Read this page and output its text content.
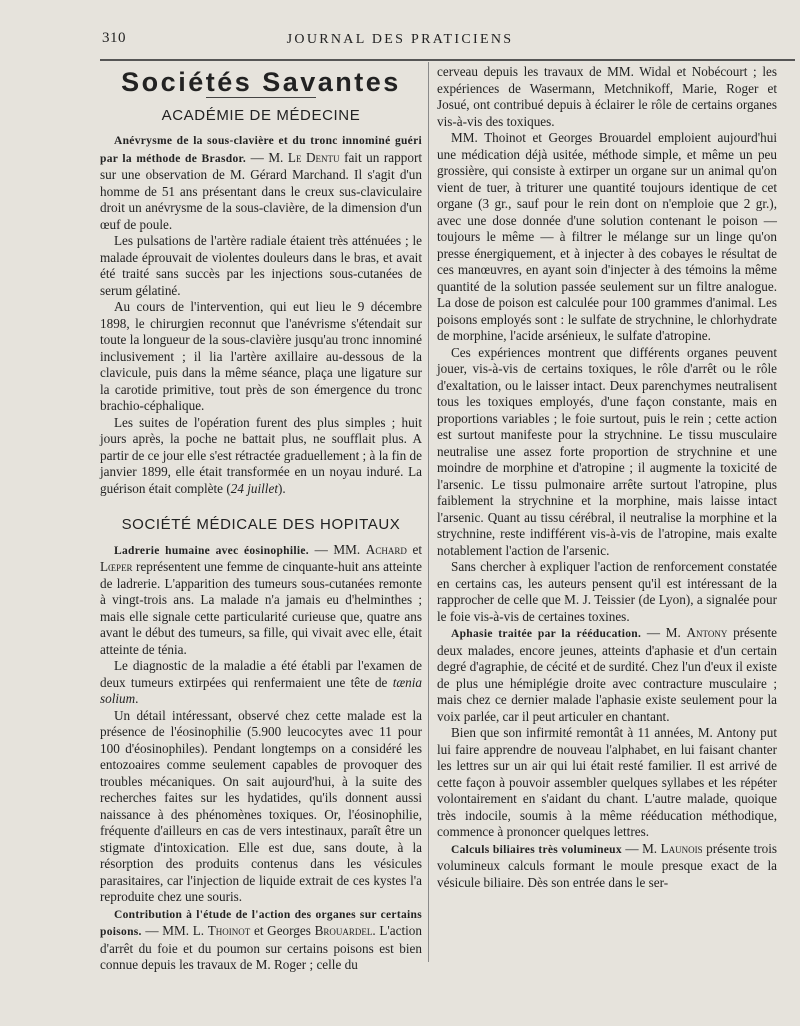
310	JOURNAL DES PRATICIENS
Sociétés Savantes
ACADÉMIE DE MÉDECINE

Anévrysme de la sous-clavière et du tronc innominé guéri par la méthode de Brasdor. — M. Le Dentu fait un rapport sur une observation de M. Gérard Marchand. Il s'agit d'un homme de 51 ans présentant dans le creux sus-claviculaire droit un anévrysme de la sous-clavière, de la dimension d'un œuf de poule.

Les pulsations de l'artère radiale étaient très atténuées ; le malade éprouvait de violentes douleurs dans le bras, et avait été traité sans succès par les injections sous-cutanées de serum gélatiné.

Au cours de l'intervention, qui eut lieu le 9 décembre 1898, le chirurgien reconnut que l'anévrisme s'étendait sur toute la longueur de la sous-clavière jusqu'au tronc innominé inclusivement ; il lia l'artère axillaire au-dessous de la clavicule, puis dans la même séance, plaça une ligature sur la carotide primitive, tout près de son émergence du tronc brachio-céphalique.

Les suites de l'opération furent des plus simples ; huit jours après, la poche ne battait plus, ne soufflait plus. A partir de ce jour elle s'est rétractée graduellement ; à la fin de janvier 1899, elle était transformée en un noyau induré. La guérison était complète (24 juillet).

SOCIÉTÉ MÉDICALE DES HOPITAUX

Ladrerie humaine avec éosinophilie. — MM. Achard et Lœper représentent une femme de cinquante-huit ans atteinte de ladrerie. L'apparition des tumeurs sous-cutanées remonte à vingt-trois ans. La malade n'a jamais eu d'helminthes ; mais elle signale cette particularité curieuse que, quatre ans avant le début des tumeurs, sa fille, qui vivait avec elle, était atteinte de ténia.

Le diagnostic de la maladie a été établi par l'examen de deux tumeurs extirpées qui renfermaient une tête de tænia solium.

Un détail intéressant, observé chez cette malade est la présence de l'éosinophilie (5.900 leucocytes avec 11 pour 100 d'éosinophiles). Pendant longtemps on a considéré les entozoaires comme seulement capables de provoquer des troubles mécaniques. On sait aujourd'hui, à la suite des recherches faites sur les hydatides, qu'ils donnent aussi naissance à des phénomènes toxiques. Or, l'éosinophilie, fréquente d'ailleurs en cas de vers intestinaux, paraît être un stigmate d'intoxication. Elle est due, sans doute, à la résorption des produits contenus dans les vésicules parasitaires, car l'injection de liquide extrait de ces kystes l'a reproduite chez une souris.

Contribution à l'étude de l'action des organes sur certains poisons. — MM. L. Thoinot et Georges Brouardel. L'action d'arrêt du foie et du poumon sur certains poisons est bien connue depuis les travaux de M. Roger ; celle du

cerveau depuis les travaux de MM. Widal et Nobécourt ; les expériences de Wasermann, Metchnikoff, Marie, Roger et Josué, ont contribué depuis à éclairer le rôle de certains organes vis-à-vis des toxiques.

MM. Thoinot et Georges Brouardel emploient aujourd'hui une médication déjà usitée, méthode simple, et même un peu grossière, qui consiste à extirper un organe sur un animal qu'on vient de tuer, à triturer une quantité toujours identique de cet organe (3 gr., sauf pour le rein dont on n'emploie que 2 gr.), avec une dose donnée d'une solution contenant le poison — toujours le même — à filtrer le mélange sur un linge qu'on presse énergiquement, et à injecter à des cobayes le résultat de ces manœuvres, en ayant soin d'injecter à des témoins la même quantité de la solution passée seulement sur un filtre analogue. La dose de poison est calculée pour 100 grammes d'animal. Les poisons employés sont : le sulfate de strychnine, le chlorhydrate de morphine, l'acide arsénieux, le sulfate d'atropine.

Ces expériences montrent que différents organes peuvent jouer, vis-à-vis de certains toxiques, le rôle d'arrêt ou le rôle d'exaltation, ou le laisser intact. Deux parenchymes neutralisent tous les toxiques employés, d'une façon constante, mais en proportions variables ; le foie surtout, puis le rein ; cette action est surtout manifeste pour la strychnine. Le tissu musculaire neutralise une assez forte proportion de strychnine et une moindre de morphine et d'atropine ; il augmente la toxicité de l'arsenic. Le tissu pulmonaire arrête surtout l'atropine, plus faiblement la strychnine et la morphine, mais laisse intact l'arsenic. Quant au tissu cérébral, il neutralise la morphine et la strychnine, reste indifférent vis-à-vis de l'atropine, mais exalte notablement l'action de l'arsenic.

Sans chercher à expliquer l'action de renforcement constatée en certains cas, les auteurs pensent qu'il est intéressant de la rapprocher de celle que M. J. Teissier (de Lyon), a signalée pour le foie vis-à-vis de certaines toxines.

Aphasie traitée par la rééducation. — M. Antony présente deux malades, encore jeunes, atteints d'aphasie et d'un certain degré d'agraphie, de cécité et de surdité. Chez l'un d'eux il existe de plus une hémiplégie droite avec contracture musculaire ; mais chez ce dernier malade l'aphasie existe seulement pour la voix parlée, car il peut articuler en chantant.

Bien que son infirmité remontât à 11 années, M. Antony put lui faire apprendre de nouveau l'alphabet, en lui faisant chanter les lettres sur un air qui lui était resté familier. Il est arrivé de cette façon à pouvoir assembler quelques syllabes et les répéter volontairement en s'aidant du chant. L'autre malade, quoique très indocile, soumis à la même rééducation méthodique, commence à prononcer quelques lettres.

Calculs biliaires très volumineux — M. Launois présente trois volumineux calculs formant le moule presque exact de la vésicule biliaire. Dès son entrée dans le ser-
